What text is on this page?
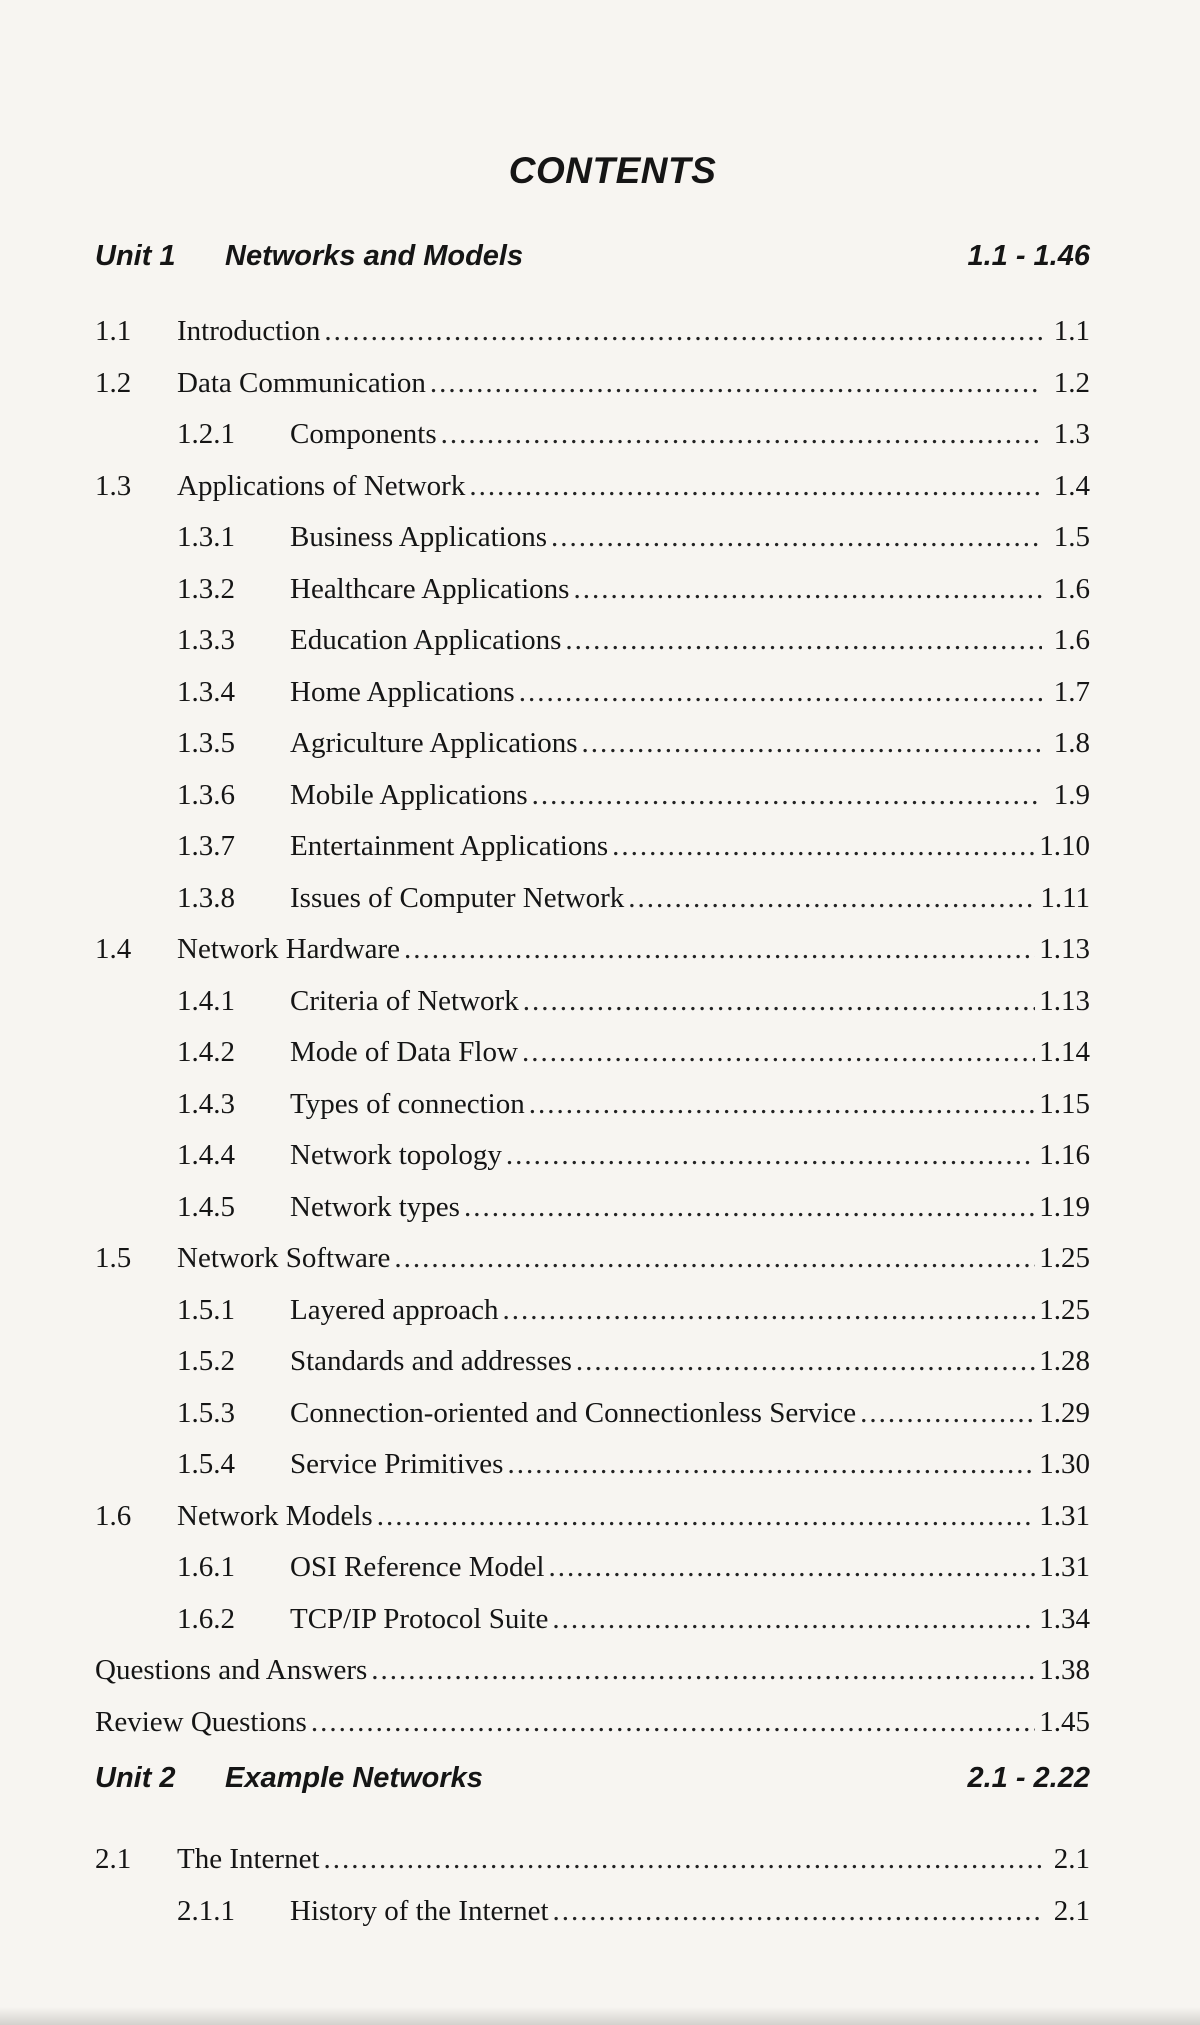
CONTENTS
Unit 1	Networks and Models	1.1 - 1.46
1.1	Introduction .....	1.1
1.2	Data Communication .....	1.2
1.2.1	Components .....	1.3
1.3	Applications of Network .....	1.4
1.3.1	Business Applications .....	1.5
1.3.2	Healthcare Applications .....	1.6
1.3.3	Education Applications .....	1.6
1.3.4	Home Applications .....	1.7
1.3.5	Agriculture Applications .....	1.8
1.3.6	Mobile Applications .....	1.9
1.3.7	Entertainment Applications .....	1.10
1.3.8	Issues of Computer Network .....	1.11
1.4	Network Hardware .....	1.13
1.4.1	Criteria of Network .....	1.13
1.4.2	Mode of Data Flow .....	1.14
1.4.3	Types of connection .....	1.15
1.4.4	Network topology .....	1.16
1.4.5	Network types .....	1.19
1.5	Network Software .....	1.25
1.5.1	Layered approach .....	1.25
1.5.2	Standards and addresses .....	1.28
1.5.3	Connection-oriented and Connectionless Service .....	1.29
1.5.4	Service Primitives .....	1.30
1.6	Network Models .....	1.31
1.6.1	OSI Reference Model .....	1.31
1.6.2	TCP/IP Protocol Suite .....	1.34
Questions and Answers .....	1.38
Review Questions .....	1.45
Unit 2	Example Networks	2.1 - 2.22
2.1	The Internet .....	2.1
2.1.1	History of the Internet .....	2.1
